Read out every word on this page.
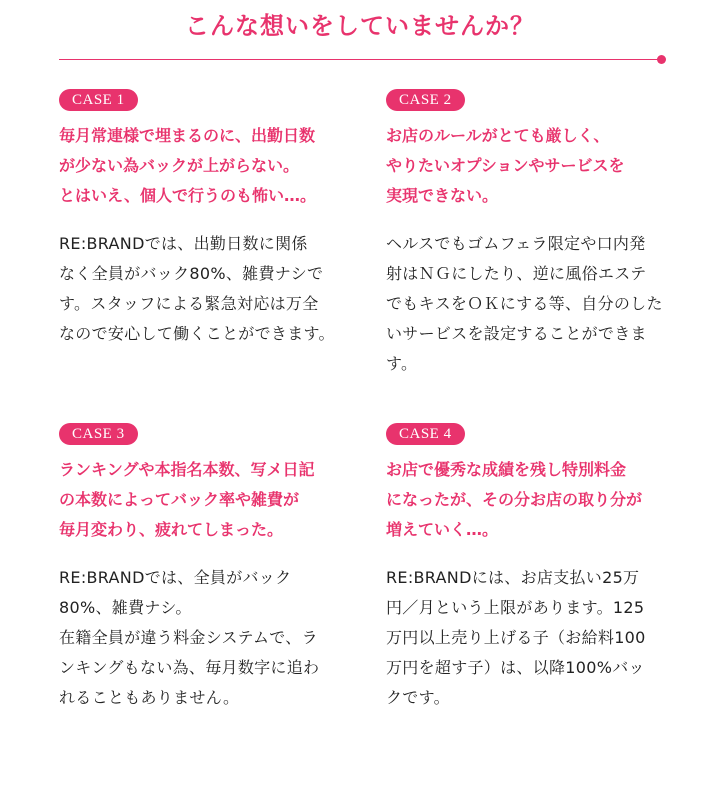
こんな想いをしていませんか？
CASE 1
毎月常連様で埋まるのに、出勤日数
が少ない為バックが上がらない。
とはいえ、個人で行うのも怖い…。
RE:BRANDでは、出勤日数に関係
なく全員がバック80%、雑費ナシで
す。スタッフによる緊急対応は万全
なので安心して働くことができます。
CASE 2
お店のルールがとても厳しく、
やりたいオプションやサービスを
実現できない。
ヘルスでもゴムフェラ限定や口内発
射はＮＧにしたり、逆に風俗エステ
でもキスをＯＫにする等、自分のした
いサービスを設定することができま
す。
CASE 3
ランキングや本指名本数、写メ日記
の本数によってバック率や雑費が
毎月変わり、疲れてしまった。
RE:BRANDでは、全員がバック
80%、雑費ナシ。
在籍全員が違う料金システムで、ラ
ンキングもない為、毎月数字に追わ
れることもありません。
CASE 4
お店で優秀な成績を残し特別料金
になったが、その分お店の取り分が
増えていく…。
RE:BRANDには、お店支払い25万
円／月という上限があります。125
万円以上売り上げる子（お給料100
万円を超す子）は、以降100%バッ
クです。
